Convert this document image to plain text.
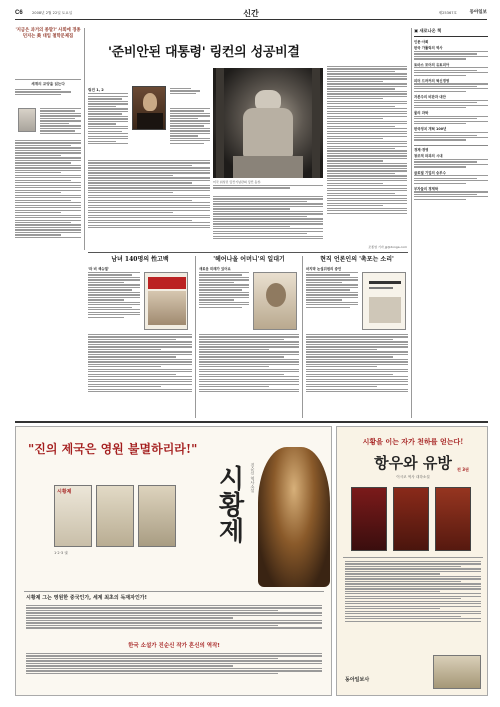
C6	2008년 2월 22일 토요일	신간	제25367호	동아일보
'지금은 과거의 종말?' 사회에 경종 던지는 美 대입 철학문제집
세계의 교양을 읽는다
'준비안된 대통령' 링컨의 성공비결
링컨 1, 2
미국 워싱턴 링컨기념관의 링컨 동상.
조종엽 기자 jjj@donga.com
▣ 새로나온 책
인문·사회
한국 가톨릭의 역사
토마스 모어의 유토피아
피터 드러커의 혁신경영
자본주의 비판과 대안
물의 과학
한국정치 개혁 100년
경제·경영
창조적 파괴의 시대
글로벌 기업의 승부수
부자들의 경제학
남녀 140명의 性고백
'라 비 섹슈엘'
'헤어나올 어머니'의 일대기
새로운 미래가 있어요
현직 언론인의 '촉포는 소리'
마지막 논설위원의 증언
"진의 제국은 영원 불멸하리라!"
시황제 진순신 역사소설
시황제
1·2·3 권
시황제 그는 영원한 중국인가, 세계 최초의 독재자인가!
한국 소설가 진순신 작가 혼신의 역작!
시황을 이는 자가 천하를 얻는다!
항우와 유방
이시코 역사 대하소설
전 3권
동아일보사
